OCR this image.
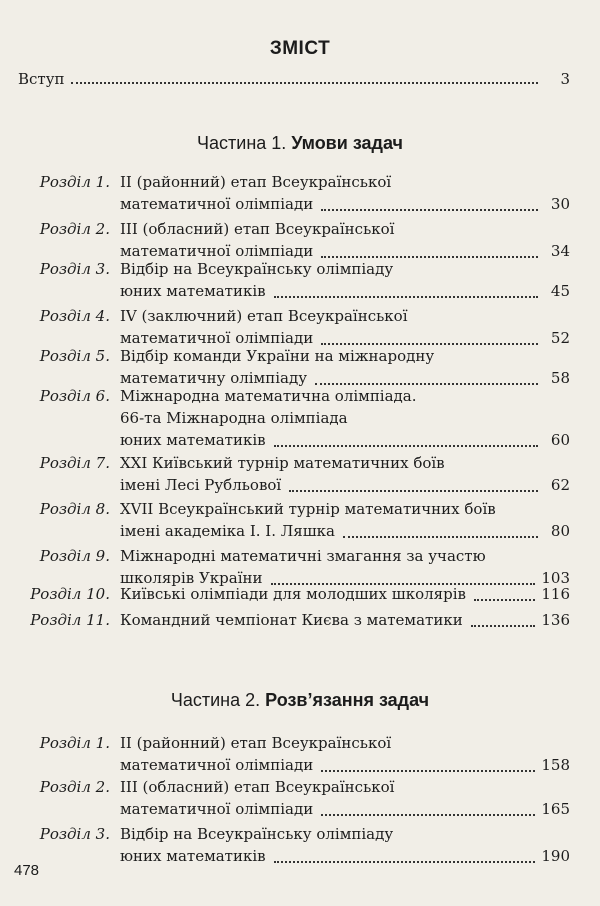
ЗМІСТ
Вступ	3
Частина 1. Умови задач
Розділ 1. ІІ (районний) етап Всеукраїнської
математичної олімпіади	30
Розділ 2. ІІІ (обласний) етап Всеукраїнської
математичної олімпіади	34
Розділ 3. Відбір на Всеукраїнську олімпіаду
юних математиків	45
Розділ 4. IV (заключний) етап Всеукраїнської
математичної олімпіади	52
Розділ 5. Відбір команди України на міжнародну
математичну олімпіаду	58
Розділ 6. Міжнародна математична олімпіада.
66-та Міжнародна олімпіада
юних математиків	60
Розділ 7. XXI Київський турнір математичних боїв
імені Лесі Рубльової	62
Розділ 8. XVII Всеукраїнський турнір математичних боїв
імені академіка І. І. Ляшка	80
Розділ 9. Міжнародні математичні змагання за участю
школярів України	103
Розділ 10. Київські олімпіади для молодших школярів	116
Розділ 11. Командний чемпіонат Києва з математики	136
Частина 2. Розв’язання задач
Розділ 1. ІІ (районний) етап Всеукраїнської
математичної олімпіади	158
Розділ 2. ІІІ (обласний) етап Всеукраїнської
математичної олімпіади	165
Розділ 3. Відбір на Всеукраїнську олімпіаду
юних математиків	190
478
